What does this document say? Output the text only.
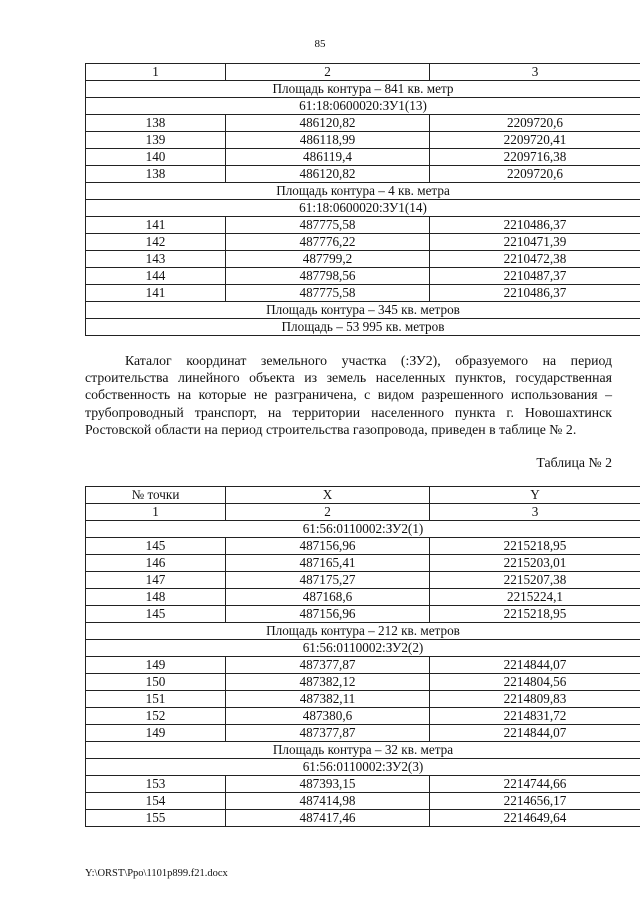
85
1	2	3
Площадь контура – 841 кв. метр		
61:18:0600020:ЗУ1(13)		
138	486120,82	2209720,6
139	486118,99	2209720,41
140	486119,4	2209716,38
138	486120,82	2209720,6
Площадь контура – 4 кв. метра		
61:18:0600020:ЗУ1(14)		
141	487775,58	2210486,37
142	487776,22	2210471,39
143	487799,2	2210472,38
144	487798,56	2210487,37
141	487775,58	2210486,37
Площадь контура – 345 кв. метров		
Площадь – 53 995 кв. метров		

Каталог координат земельного участка (:ЗУ2), образуемого на период строительства линейного объекта из земель населенных пунктов, государственная собственность на которые не разграничена, с видом разрешенного использования – трубопроводный транспорт, на территории населенного пункта г. Новошахтинск Ростовской области на период строительства газопровода, приведен в таблице № 2.

Таблица № 2
№ точки	X	Y
1	2	3
61:56:0110002:ЗУ2(1)		
145	487156,96	2215218,95
146	487165,41	2215203,01
147	487175,27	2215207,38
148	487168,6	2215224,1
145	487156,96	2215218,95
Площадь контура – 212 кв. метров		
61:56:0110002:ЗУ2(2)		
149	487377,87	2214844,07
150	487382,12	2214804,56
151	487382,11	2214809,83
152	487380,6	2214831,72
149	487377,87	2214844,07
Площадь контура – 32 кв. метра		
61:56:0110002:ЗУ2(3)		
153	487393,15	2214744,66
154	487414,98	2214656,17
155	487417,46	2214649,64
Y:\ORST\Ppo\1101p899.f21.docx
